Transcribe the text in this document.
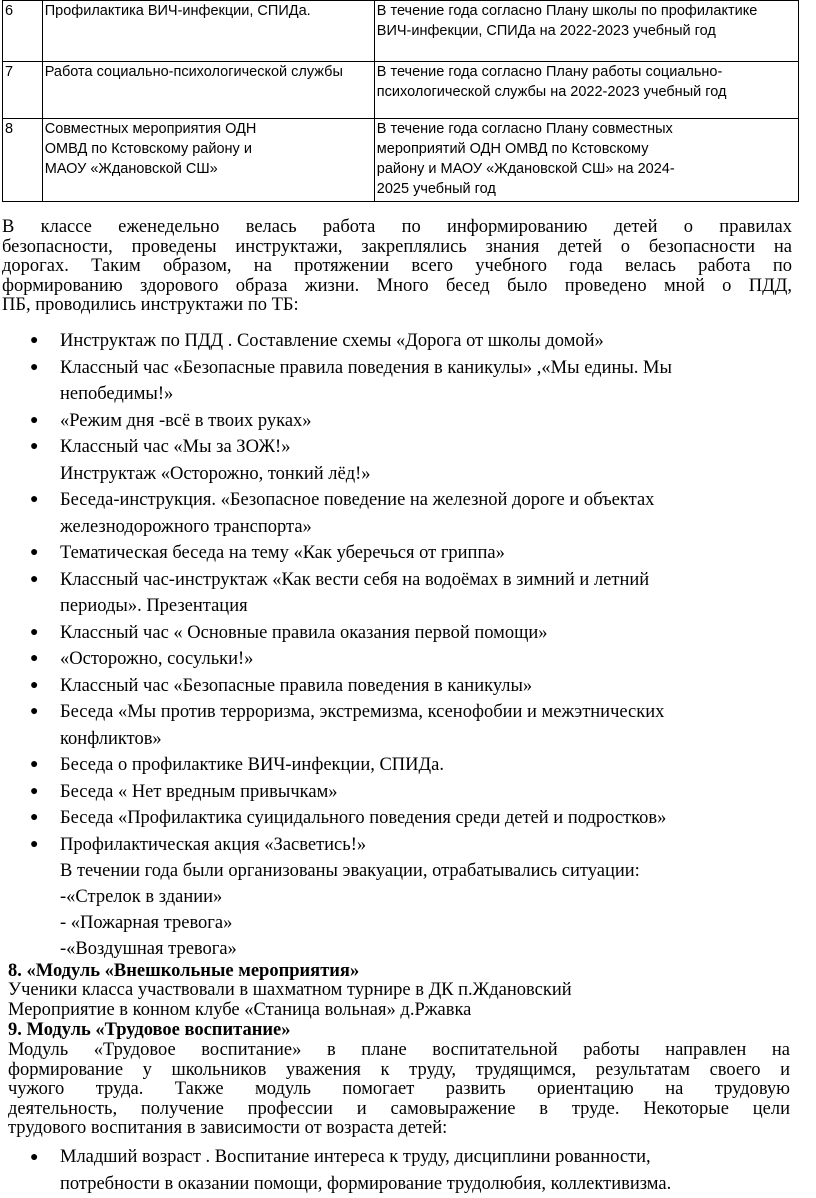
6	Профилактика ВИЧ-инфекции, СПИДа.	В течение года согласно Плану школы по профилактике
ВИЧ-инфекции, СПИДа на 2022-2023 учебный год

7	Работа социально-психологической службы	В течение года согласно Плану работы социально-
психологической службы на 2022-2023 учебный год

8	Совместных мероприятия ОДН
ОМВД по Кстовскому району и
МАОУ «Ждановской СШ»	В течение года согласно Плану совместных
мероприятий ОДН ОМВД по Кстовскому
району и МАОУ «Ждановской СШ» на 2024-
2025 учебный год
В классе еженедельно велась работа по информированию детей о правилах
безопасности, проведены инструктажи, закреплялись знания детей о безопасности на
дорогах. Таким образом, на протяжении всего учебного года велась работа по
формированию здорового образа жизни. Много бесед было проведено мной о ПДД,
ПБ, проводились инструктажи по ТБ:
● Инструктаж по ПДД . Составление схемы «Дорога от школы домой»
● Классный час «Безопасные правила поведения в каникулы» ,«Мы едины. Мы
непобедимы!»
● «Режим дня -всё в твоих руках»
● Классный час «Мы за ЗОЖ!»
Инструктаж «Осторожно, тонкий лёд!»
● Беседа-инструкция. «Безопасное поведение на железной дороге и объектах
железнодорожного транспорта»
● Тематическая беседа на тему «Как уберечься от гриппа»
● Классный час-инструктаж «Как вести себя на водоёмах в зимний и летний
периоды». Презентация
● Классный час « Основные правила оказания первой помощи»
● «Осторожно, сосульки!»
● Классный час «Безопасные правила поведения в каникулы»
● Беседа «Мы против терроризма, экстремизма, ксенофобии и межэтнических
конфликтов»
● Беседа о профилактике ВИЧ-инфекции, СПИДа.
● Беседа « Нет вредным привычкам»
● Беседа «Профилактика суицидального поведения среди детей и подростков»
● Профилактическая акция «Засветись!»
В течении года были организованы эвакуации, отрабатывались ситуации:
-«Стрелок в здании»
- «Пожарная тревога»
-«Воздушная тревога»
8. «Модуль «Внешкольные мероприятия»
Ученики класса участвовали в шахматном турнире в ДК п.Ждановский
Мероприятие в конном клубе «Станица вольная» д.Ржавка
9. Модуль «Трудовое воспитание»
Модуль «Трудовое воспитание» в плане воспитательной работы направлен на
формирование у школьников уважения к труду, трудящимся, результатам своего и
чужого труда. Также модуль помогает развить ориентацию на трудовую
деятельность, получение профессии и самовыражение в труде. Некоторые цели
трудового воспитания в зависимости от возраста детей:
● Младший возраст . Воспитание интереса к труду, дисциплини рованности,
потребности в оказании помощи, формирование трудолюбия, коллективизма.
